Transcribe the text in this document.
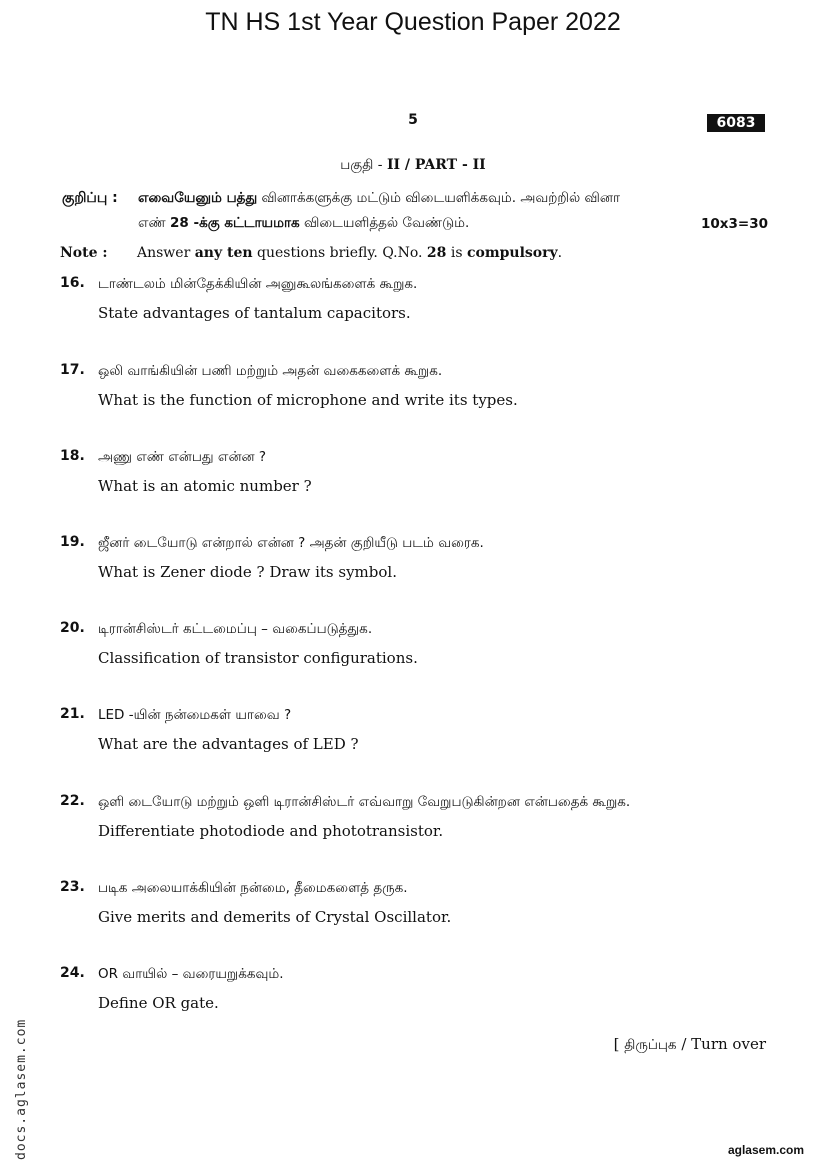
TN HS 1st Year Question Paper 2022
5	6083
பகுதி - II / PART - II
குறிப்பு : எவையேனும் பத்து வினாக்களுக்கு மட்டும் விடையளிக்கவும். அவற்றில் வினா
எண் 28 -க்கு கட்டாயமாக விடையளித்தல் வேண்டும்.	10x3=30
Note : Answer any ten questions briefly. Q.No. 28 is compulsory.
16. டாண்டலம் மின்தேக்கியின் அனுகூலங்களைக் கூறுக.
State advantages of tantalum capacitors.
17. ஒலி வாங்கியின் பணி மற்றும் அதன் வகைகளைக் கூறுக.
What is the function of microphone and write its types.
18. அணு எண் என்பது என்ன ?
What is an atomic number ?
19. ஜீனர் டையோடு என்றால் என்ன ? அதன் குறியீடு படம் வரைக.
What is Zener diode ? Draw its symbol.
20. டிரான்சிஸ்டர் கட்டமைப்பு – வகைப்படுத்துக.
Classification of transistor configurations.
21. LED -யின் நன்மைகள் யாவை ?
What are the advantages of LED ?
22. ஒளி டையோடு மற்றும் ஒளி டிரான்சிஸ்டர் எவ்வாறு வேறுபடுகின்றன என்பதைக் கூறுக.
Differentiate photodiode and phototransistor.
23. படிக அலையாக்கியின் நன்மை, தீமைகளைத் தருக.
Give merits and demerits of Crystal Oscillator.
24. OR வாயில் – வரையறுக்கவும்.
Define OR gate.
[ திருப்புக / Turn over
docs.aglasem.com	aglasem.com
